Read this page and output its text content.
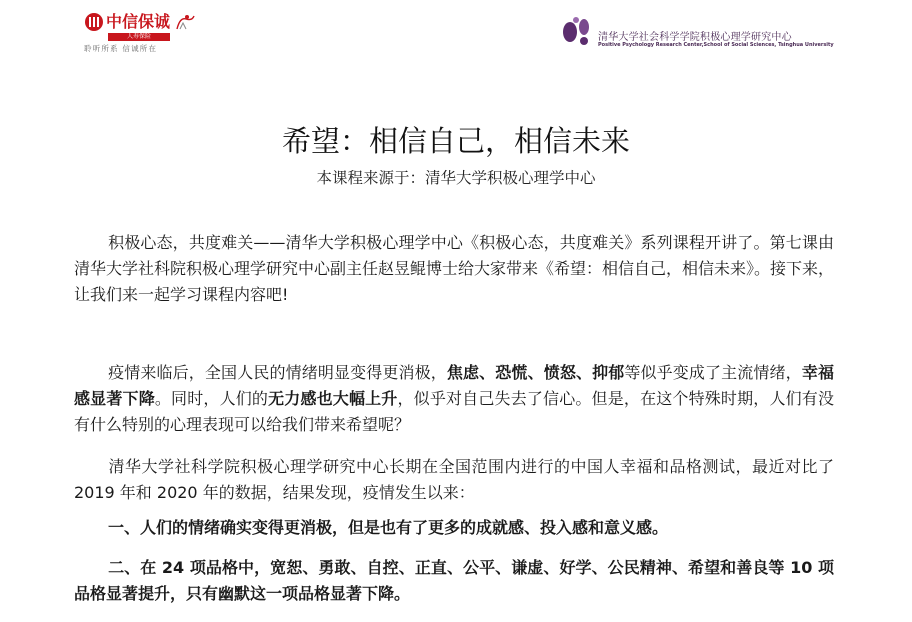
中信保诚
人寿保险
聆听所系 信诚所在
清华大学社会科学学院积极心理学研究中心
Positive Psychology Research Center,School of Social Sciences, Tsinghua University
希望：相信自己，相信未来

本课程来源于：清华大学积极心理学中心

积极心态，共度难关——清华大学积极心理学中心《积极心态，共度难关》系列课程开讲了。第七课由清华大学社科院积极心理学研究中心副主任赵昱鲲博士给大家带来《希望：相信自己，相信未来》。接下来，让我们来一起学习课程内容吧!

疫情来临后，全国人民的情绪明显变得更消极，焦虑、恐慌、愤怒、抑郁等似乎变成了主流情绪，幸福感显著下降。同时，人们的无力感也大幅上升，似乎对自己失去了信心。但是，在这个特殊时期，人们有没有什么特别的心理表现可以给我们带来希望呢？

清华大学社科学院积极心理学研究中心长期在全国范围内进行的中国人幸福和品格测试，最近对比了 2019 年和 2020 年的数据，结果发现，疫情发生以来：

一、人们的情绪确实变得更消极，但是也有了更多的成就感、投入感和意义感。

二、在 24 项品格中，宽恕、勇敢、自控、正直、公平、谦虚、好学、公民精神、希望和善良等 10 项品格显著提升，只有幽默这一项品格显著下降。
